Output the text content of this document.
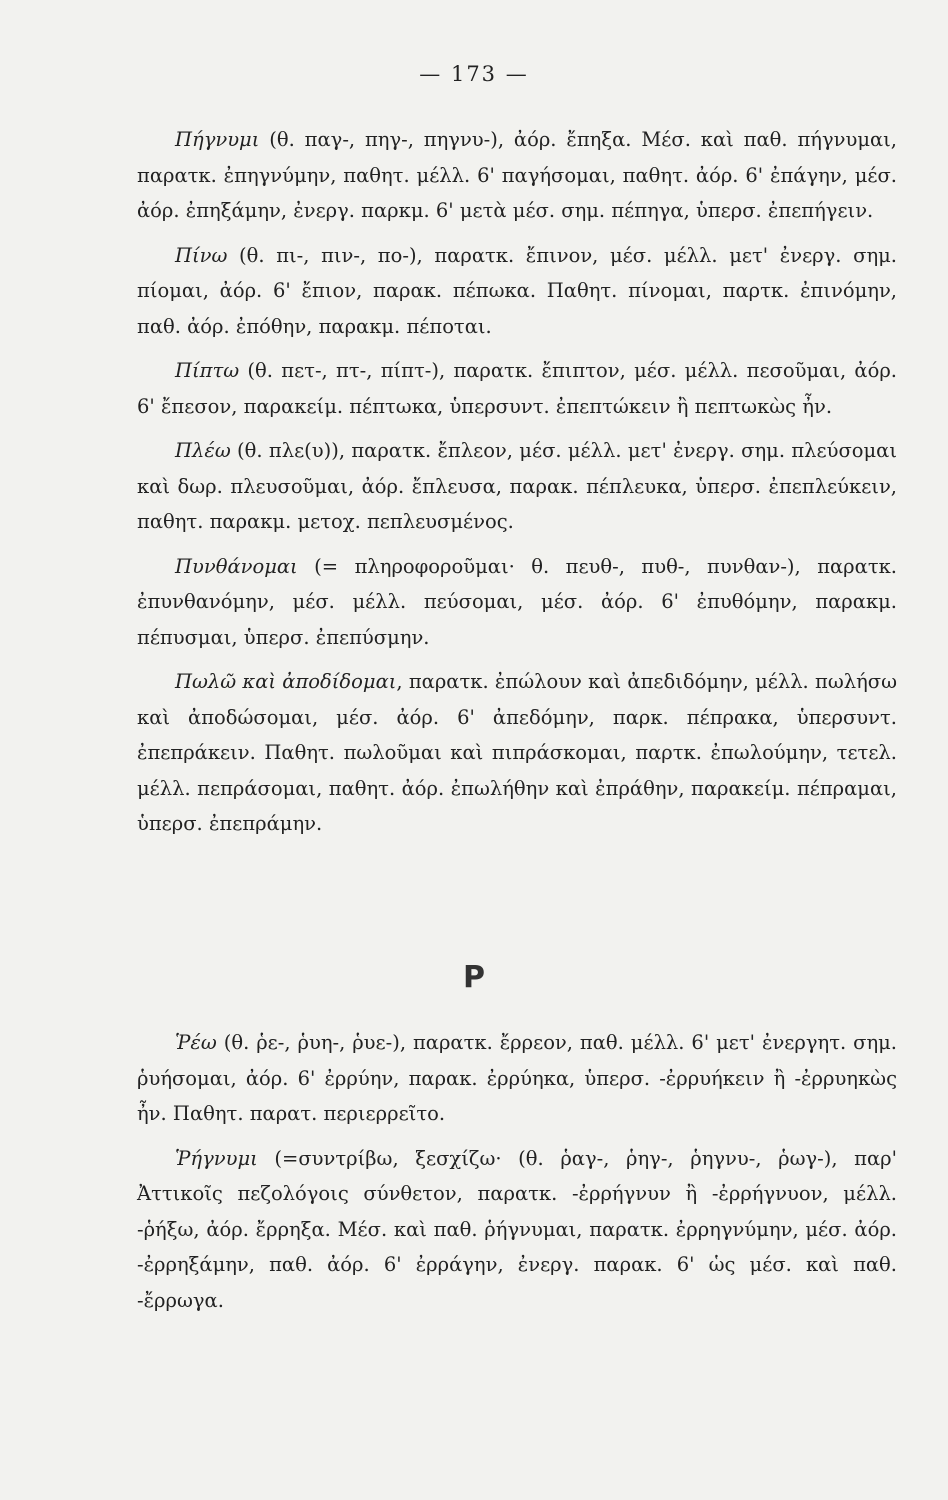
— 173 —

Πήγνυμι (θ. παγ-, πηγ-, πηγνυ-), ἀόρ. ἔπηξα. Μέσ. καὶ παθ. πήγνυμαι, παρατκ. ἐπηγνύμην, παθητ. μέλλ. 6' παγήσομαι, παθητ. ἀόρ. 6' ἐπάγην, μέσ. ἀόρ. ἐπηξάμην, ἐνεργ. παρκμ. 6' μετὰ μέσ. σημ. πέπηγα, ὑπερσ. ἐπεπήγειν.

Πίνω (θ. πι-, πιν-, πο-), παρατκ. ἔπινον, μέσ. μέλλ. μετ' ἐνεργ. σημ. πίομαι, ἀόρ. 6' ἔπιον, παρακ. πέπωκα. Παθητ. πίνομαι, παρτκ. ἐπινόμην, παθ. ἀόρ. ἐπόθην, παρακμ. πέποται.

Πίπτω (θ. πετ-, πτ-, πίπτ-), παρατκ. ἔπιπτον, μέσ. μέλλ. πεσοῦμαι, ἀόρ. 6' ἔπεσον, παρακείμ. πέπτωκα, ὑπερσυντ. ἐπεπτώκειν ἢ πεπτωκὼς ἦν.

Πλέω (θ. πλε(υ)), παρατκ. ἔπλεον, μέσ. μέλλ. μετ' ἐνεργ. σημ. πλεύσομαι καὶ δωρ. πλευσοῦμαι, ἀόρ. ἔπλευσα, παρακ. πέπλευκα, ὑπερσ. ἐπεπλεύκειν, παθητ. παρακμ. μετοχ. πεπλευσμένος.

Πυνθάνομαι (= πληροφοροῦμαι· θ. πευθ-, πυθ-, πυνθαν-), παρατκ. ἐπυνθανόμην, μέσ. μέλλ. πεύσομαι, μέσ. ἀόρ. 6' ἐπυθόμην, παρακμ. πέπυσμαι, ὑπερσ. ἐπεπύσμην.

Πωλῶ καὶ ἀποδίδομαι, παρατκ. ἐπώλουν καὶ ἀπεδιδόμην, μέλλ. πωλήσω καὶ ἀποδώσομαι, μέσ. ἀόρ. 6' ἀπεδόμην, παρκ. πέπρακα, ὑπερσυντ. ἐπεπράκειν. Παθητ. πωλοῦμαι καὶ πιπράσκομαι, παρτκ. ἐπωλούμην, τετελ. μέλλ. πεπράσομαι, παθητ. ἀόρ. ἐπωλήθην καὶ ἐπράθην, παρακείμ. πέπραμαι, ὑπερσ. ἐπεπράμην.

Ρ

Ῥέω (θ. ῥε-, ῥυη-, ῥυε-), παρατκ. ἔρρεον, παθ. μέλλ. 6' μετ' ἐνεργητ. σημ. ῥυήσομαι, ἀόρ. 6' ἐρρύην, παρακ. ἐρρύηκα, ὑπερσ. -ἐρρυήκειν ἢ -ἐρρυηκὼς ἦν. Παθητ. παρατ. περιερρεῖτο.

Ῥήγνυμι (=συντρίβω, ξεσχίζω· (θ. ῥαγ-, ῥηγ-, ῥηγνυ-, ῥωγ-), παρ' Ἀττικοῖς πεζολόγοις σύνθετον, παρατκ. -ἐρρήγνυν ἢ -ἐρρήγνυον, μέλλ. -ῥήξω, ἀόρ. ἔρρηξα. Μέσ. καὶ παθ. ῥήγνυμαι, παρατκ. ἐρρηγνύμην, μέσ. ἀόρ. -ἐρρηξάμην, παθ. ἀόρ. 6' ἐρράγην, ἐνεργ. παρακ. 6' ὡς μέσ. καὶ παθ. -ἔρρωγα.
